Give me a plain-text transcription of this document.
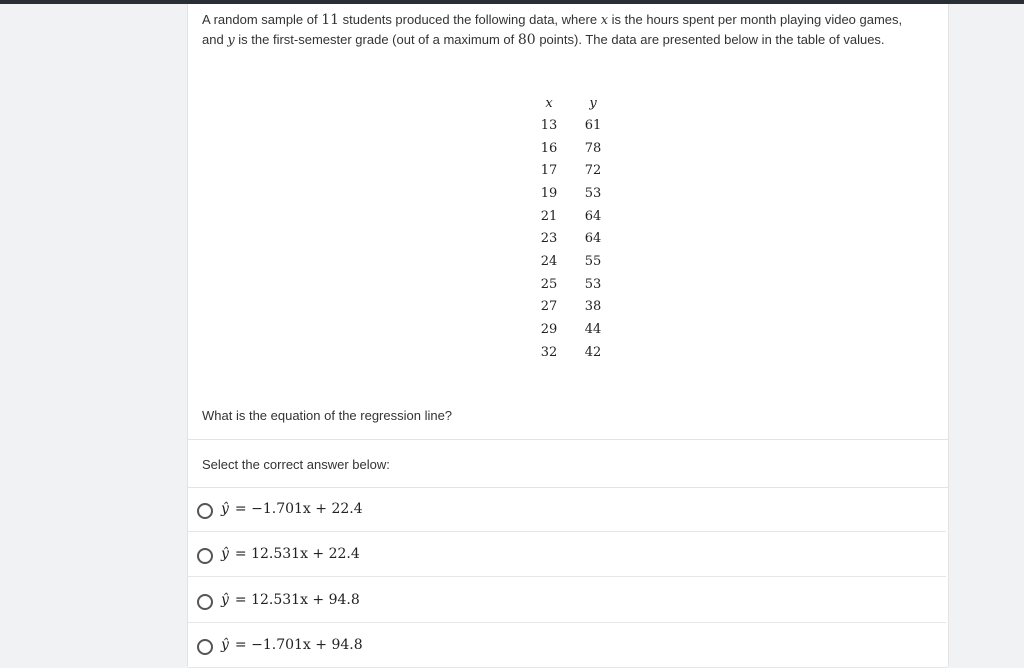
A random sample of 11 students produced the following data, where x is the hours spent per month playing video games,
and y is the first-semester grade (out of a maximum of 80 points). The data are presented below in the table of values.
x	y
13	61
16	78
17	72
19	53
21	64
23	64
24	55
25	53
27	38
29	44
32	42
What is the equation of the regression line?
Select the correct answer below:
ŷ = −1.701x + 22.4
ŷ = 12.531x + 22.4
ŷ = 12.531x + 94.8
ŷ = −1.701x + 94.8
